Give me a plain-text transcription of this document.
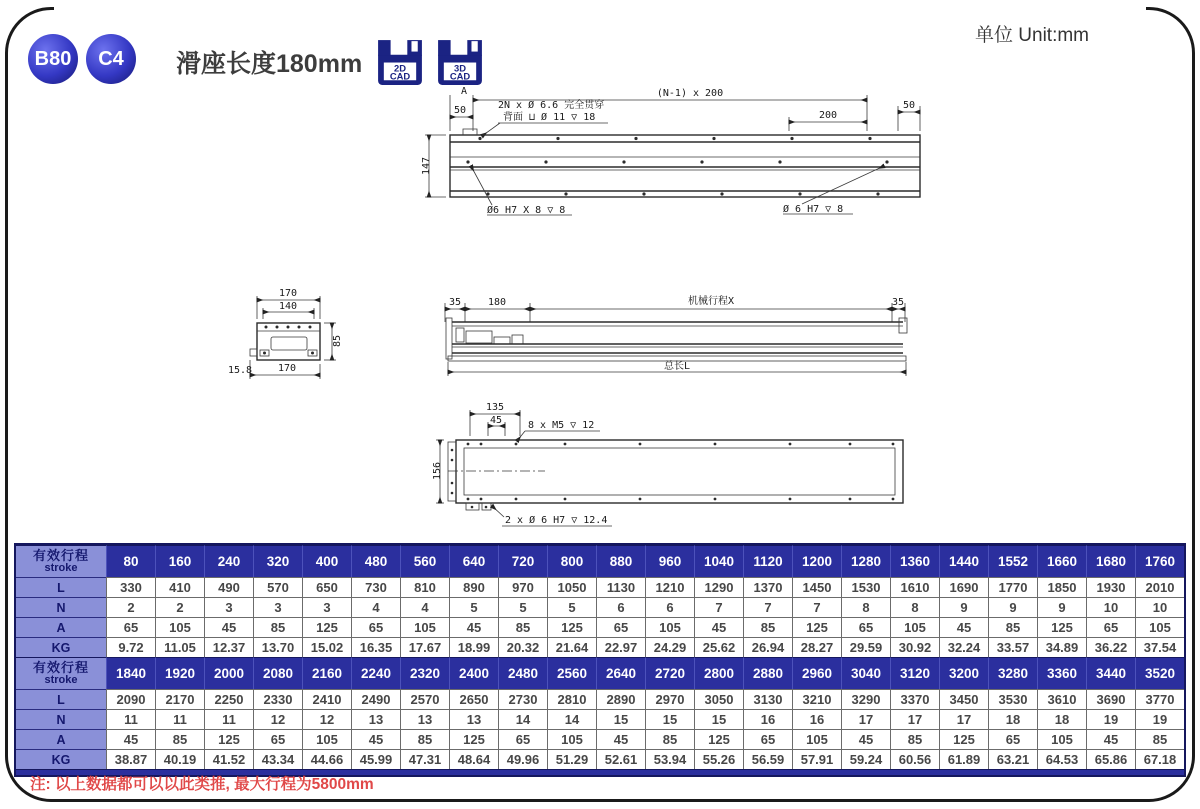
B80	C4	滑座长度180mm
单位 Unit:mm
2D
CAD
3D
CAD
A	(N-1) x 200
50	200
50
2N x Ø 6.6 完全贯穿
背面 ⊔ Ø 11 ▽ 18
147
Ø6 H7 X 8 ▽ 8	Ø 6 H7 ▽ 8
170
140
85
170
15.8
35	180	机械行程X	35
总长L
135
45	8 x M5 ▽ 12
2 x Ø 6 H7 ▽ 12.4
156
有效行程
stroke	80	160	240	320	400	480	560	640	720	800	880	960	1040	1120	1200	1280	1360	1440	1552	1660	1680	1760
L	330	410	490	570	650	730	810	890	970	1050	1130	1210	1290	1370	1450	1530	1610	1690	1770	1850	1930	2010
N	2	2	3	3	3	4	4	5	5	5	6	6	7	7	7	8	8	9	9	9	10	10
A	65	105	45	85	125	65	105	45	85	125	65	105	45	85	125	65	105	45	85	125	65	105
KG	9.72	11.05	12.37	13.70	15.02	16.35	17.67	18.99	20.32	21.64	22.97	24.29	25.62	26.94	28.27	29.59	30.92	32.24	33.57	34.89	36.22	37.54
有效行程
stroke	1840	1920	2000	2080	2160	2240	2320	2400	2480	2560	2640	2720	2800	2880	2960	3040	3120	3200	3280	3360	3440	3520
L	2090	2170	2250	2330	2410	2490	2570	2650	2730	2810	2890	2970	3050	3130	3210	3290	3370	3450	3530	3610	3690	3770
N	11	11	11	12	12	13	13	13	14	14	15	15	15	16	16	17	17	17	18	18	19	19
A	45	85	125	65	105	45	85	125	65	105	45	85	125	65	105	45	85	125	65	105	45	85
KG	38.87	40.19	41.52	43.34	44.66	45.99	47.31	48.64	49.96	51.29	52.61	53.94	55.26	56.59	57.91	59.24	60.56	61.89	63.21	64.53	65.86	67.18
注: 以上数据都可以以此类推, 最大行程为5800mm
